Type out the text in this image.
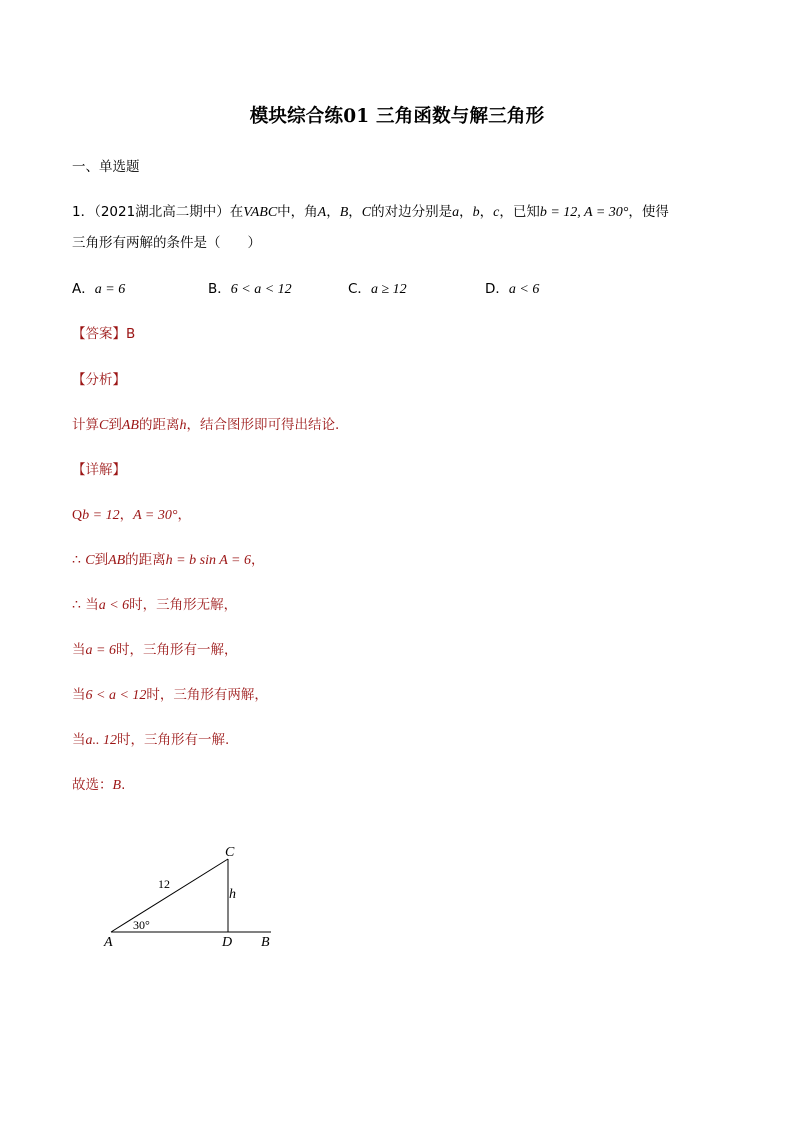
模块综合练01 三角函数与解三角形
一、单选题
1．（2021湖北高二期中）在VABC中，角A，B，C的对边分别是a，b，c，已知b = 12, A = 30°，使得
三角形有两解的条件是（　　）
A．a = 6	B．6 < a < 12	C．a ≥ 12	D．a < 6
【答案】B
【分析】
计算C到AB的距离h，结合图形即可得出结论.
【详解】
Qb = 12，A = 30°，
∴ C到AB的距离h = b sin A = 6，
∴ 当a < 6时，三角形无解，
当a = 6时，三角形有一解，
当6 < a < 12时，三角形有两解，
当a.. 12时，三角形有一解.
故选：B.
C
12
h
30°
A	D B
